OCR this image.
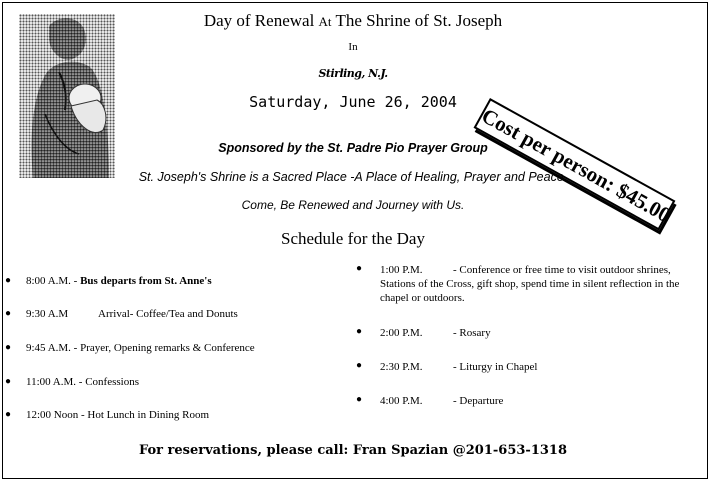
Day of Renewal At The Shrine of St. Joseph
In
Stirling, N.J.
Saturday, June 26, 2004
Cost per person: $45.00
Sponsored by the St. Padre Pio Prayer Group
St. Joseph's Shrine is a Sacred Place -A Place of Healing, Prayer and Peace.
Come, Be Renewed and Journey with Us.
Schedule for the Day
● 8:00 A.M. - Bus departs from St. Anne's
● 9:30 A.M	Arrival- Coffee/Tea and Donuts
● 9:45 A.M. - Prayer, Opening remarks & Conference
● 11:00 A.M. - Confessions
● 12:00 Noon - Hot Lunch in Dining Room
● 1:00 P.M.	- Conference or free time to visit outdoor shrines, Stations of the Cross, gift shop, spend time in silent reflection in the chapel or outdoors.
● 2:00 P.M.	- Rosary
● 2:30 P.M.	- Liturgy in Chapel
● 4:00 P.M.	- Departure
For reservations, please call: Fran Spazian @201-653-1318
